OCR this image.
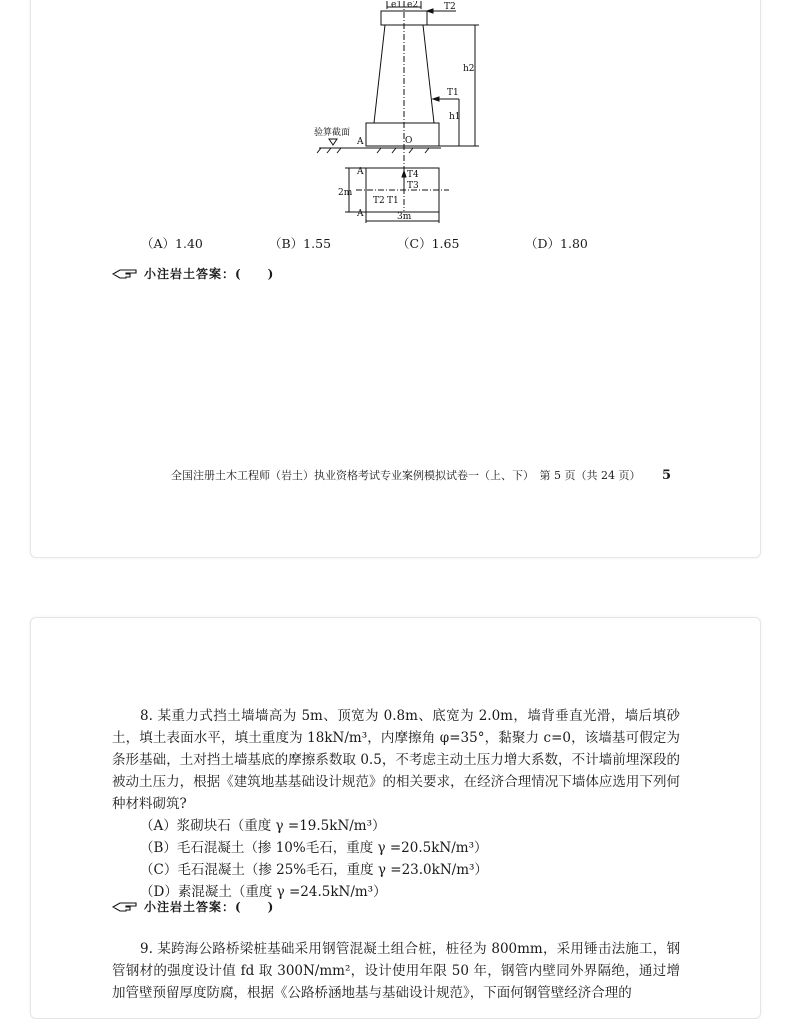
e1 e2	T2
h2
T1
h1
验算截面
A	O
A	T4
T3
2m
T2 T1
A	3m
（A）1.40	（B）1.55	（C）1.65	（D）1.80
小注岩土答案：(　　)
全国注册土木工程师（岩土）执业资格考试专业案例模拟试卷一（上、下）　第 5 页（共 24 页） 5

8. 某重力式挡土墙墙高为 5m、顶宽为 0.8m、底宽为 2.0m，墙背垂直光滑，墙后填砂土，填土表面水平，填土重度为 18kN/m³，内摩擦角 φ=35°，黏聚力 c=0，该墙基可假定为条形基础，土对挡土墙基底的摩擦系数取 0.5，不考虑主动土压力增大系数，不计墙前埋深段的被动土压力，根据《建筑地基基础设计规范》的相关要求，在经济合理情况下墙体应选用下列何种材料砌筑?

（A）浆砌块石（重度 γ =19.5kN/m³）

（B）毛石混凝土（掺 10%毛石，重度 γ =20.5kN/m³）

（C）毛石混凝土（掺 25%毛石，重度 γ =23.0kN/m³）

（D）素混凝土（重度 γ =24.5kN/m³）

小注岩土答案：(　　)

9. 某跨海公路桥梁桩基础采用钢管混凝土组合桩，桩径为 800mm，采用锤击法施工，钢管钢材的强度设计值 fd 取 300N/mm²，设计使用年限 50 年，钢管内壁同外界隔绝，通过增加管壁预留厚度防腐，根据《公路桥涵地基与基础设计规范》，下面何钢管壁经济合理的
